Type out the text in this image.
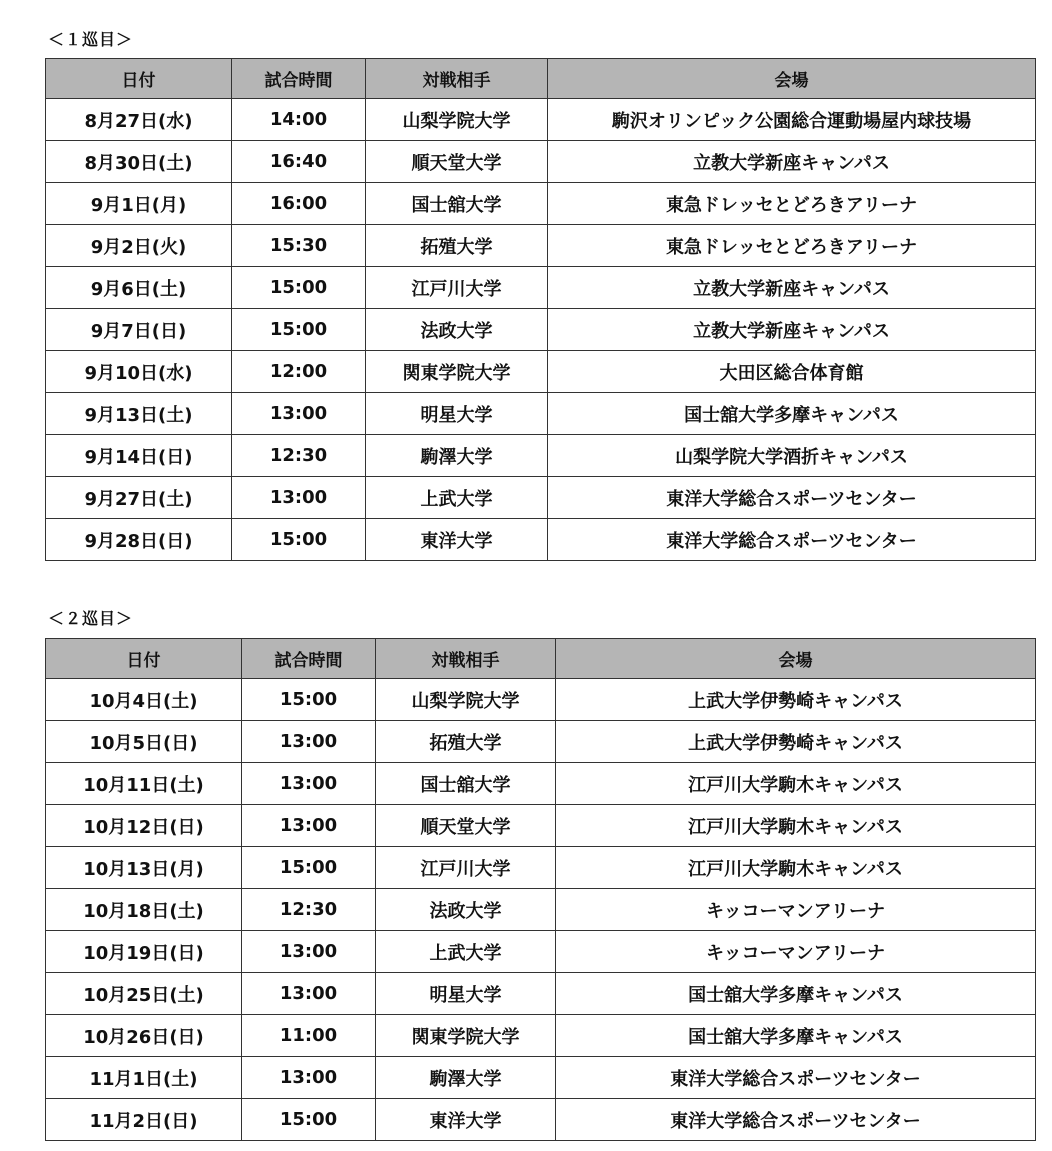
＜１巡目＞
日付	試合時間	対戦相手	会場
8月27日(水)	14:00	山梨学院大学	駒沢オリンピック公園総合運動場屋内球技場
8月30日(土)	16:40	順天堂大学	立教大学新座キャンパス
9月1日(月)	16:00	国士舘大学	東急ドレッセとどろきアリーナ
9月2日(火)	15:30	拓殖大学	東急ドレッセとどろきアリーナ
9月6日(土)	15:00	江戸川大学	立教大学新座キャンパス
9月7日(日)	15:00	法政大学	立教大学新座キャンパス
9月10日(水)	12:00	関東学院大学	大田区総合体育館
9月13日(土)	13:00	明星大学	国士舘大学多摩キャンパス
9月14日(日)	12:30	駒澤大学	山梨学院大学酒折キャンパス
9月27日(土)	13:00	上武大学	東洋大学総合スポーツセンター
9月28日(日)	15:00	東洋大学	東洋大学総合スポーツセンター
＜２巡目＞
日付	試合時間	対戦相手	会場
10月4日(土)	15:00	山梨学院大学	上武大学伊勢崎キャンパス
10月5日(日)	13:00	拓殖大学	上武大学伊勢崎キャンパス
10月11日(土)	13:00	国士舘大学	江戸川大学駒木キャンパス
10月12日(日)	13:00	順天堂大学	江戸川大学駒木キャンパス
10月13日(月)	15:00	江戸川大学	江戸川大学駒木キャンパス
10月18日(土)	12:30	法政大学	キッコーマンアリーナ
10月19日(日)	13:00	上武大学	キッコーマンアリーナ
10月25日(土)	13:00	明星大学	国士舘大学多摩キャンパス
10月26日(日)	11:00	関東学院大学	国士舘大学多摩キャンパス
11月1日(土)	13:00	駒澤大学	東洋大学総合スポーツセンター
11月2日(日)	15:00	東洋大学	東洋大学総合スポーツセンター
